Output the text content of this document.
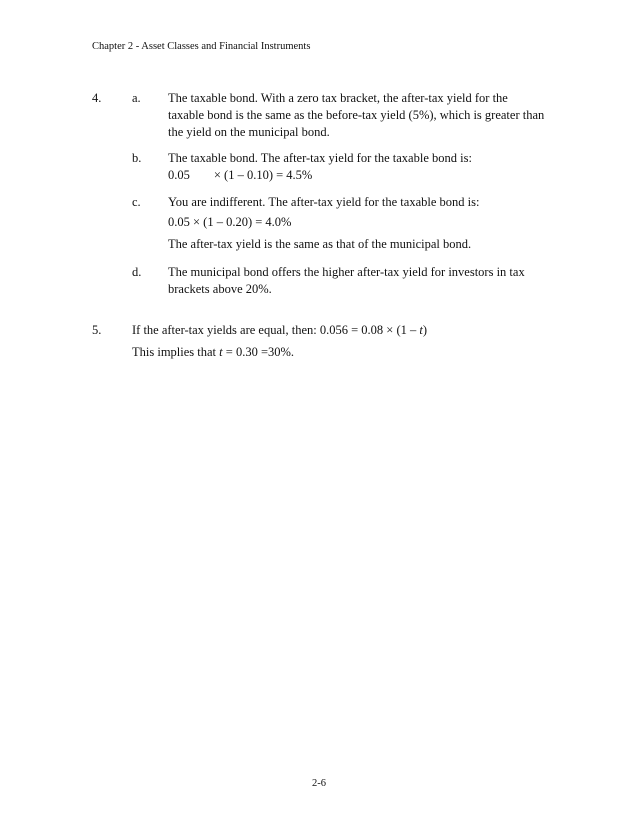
Chapter 2 - Asset Classes and Financial Instruments
4. a. The taxable bond. With a zero tax bracket, the after-tax yield for the
taxable bond is the same as the before-tax yield (5%), which is greater than
the yield on the municipal bond.
b. The taxable bond. The after-tax yield for the taxable bond is:
0.05 × (1 – 0.10) = 4.5%
c. You are indifferent. The after-tax yield for the taxable bond is:
0.05 × (1 – 0.20) = 4.0%
The after-tax yield is the same as that of the municipal bond.
d. The municipal bond offers the higher after-tax yield for investors in tax
brackets above 20%.
5. If the after-tax yields are equal, then: 0.056 = 0.08 × (1 – t)
This implies that t = 0.30 =30%.
2-6
